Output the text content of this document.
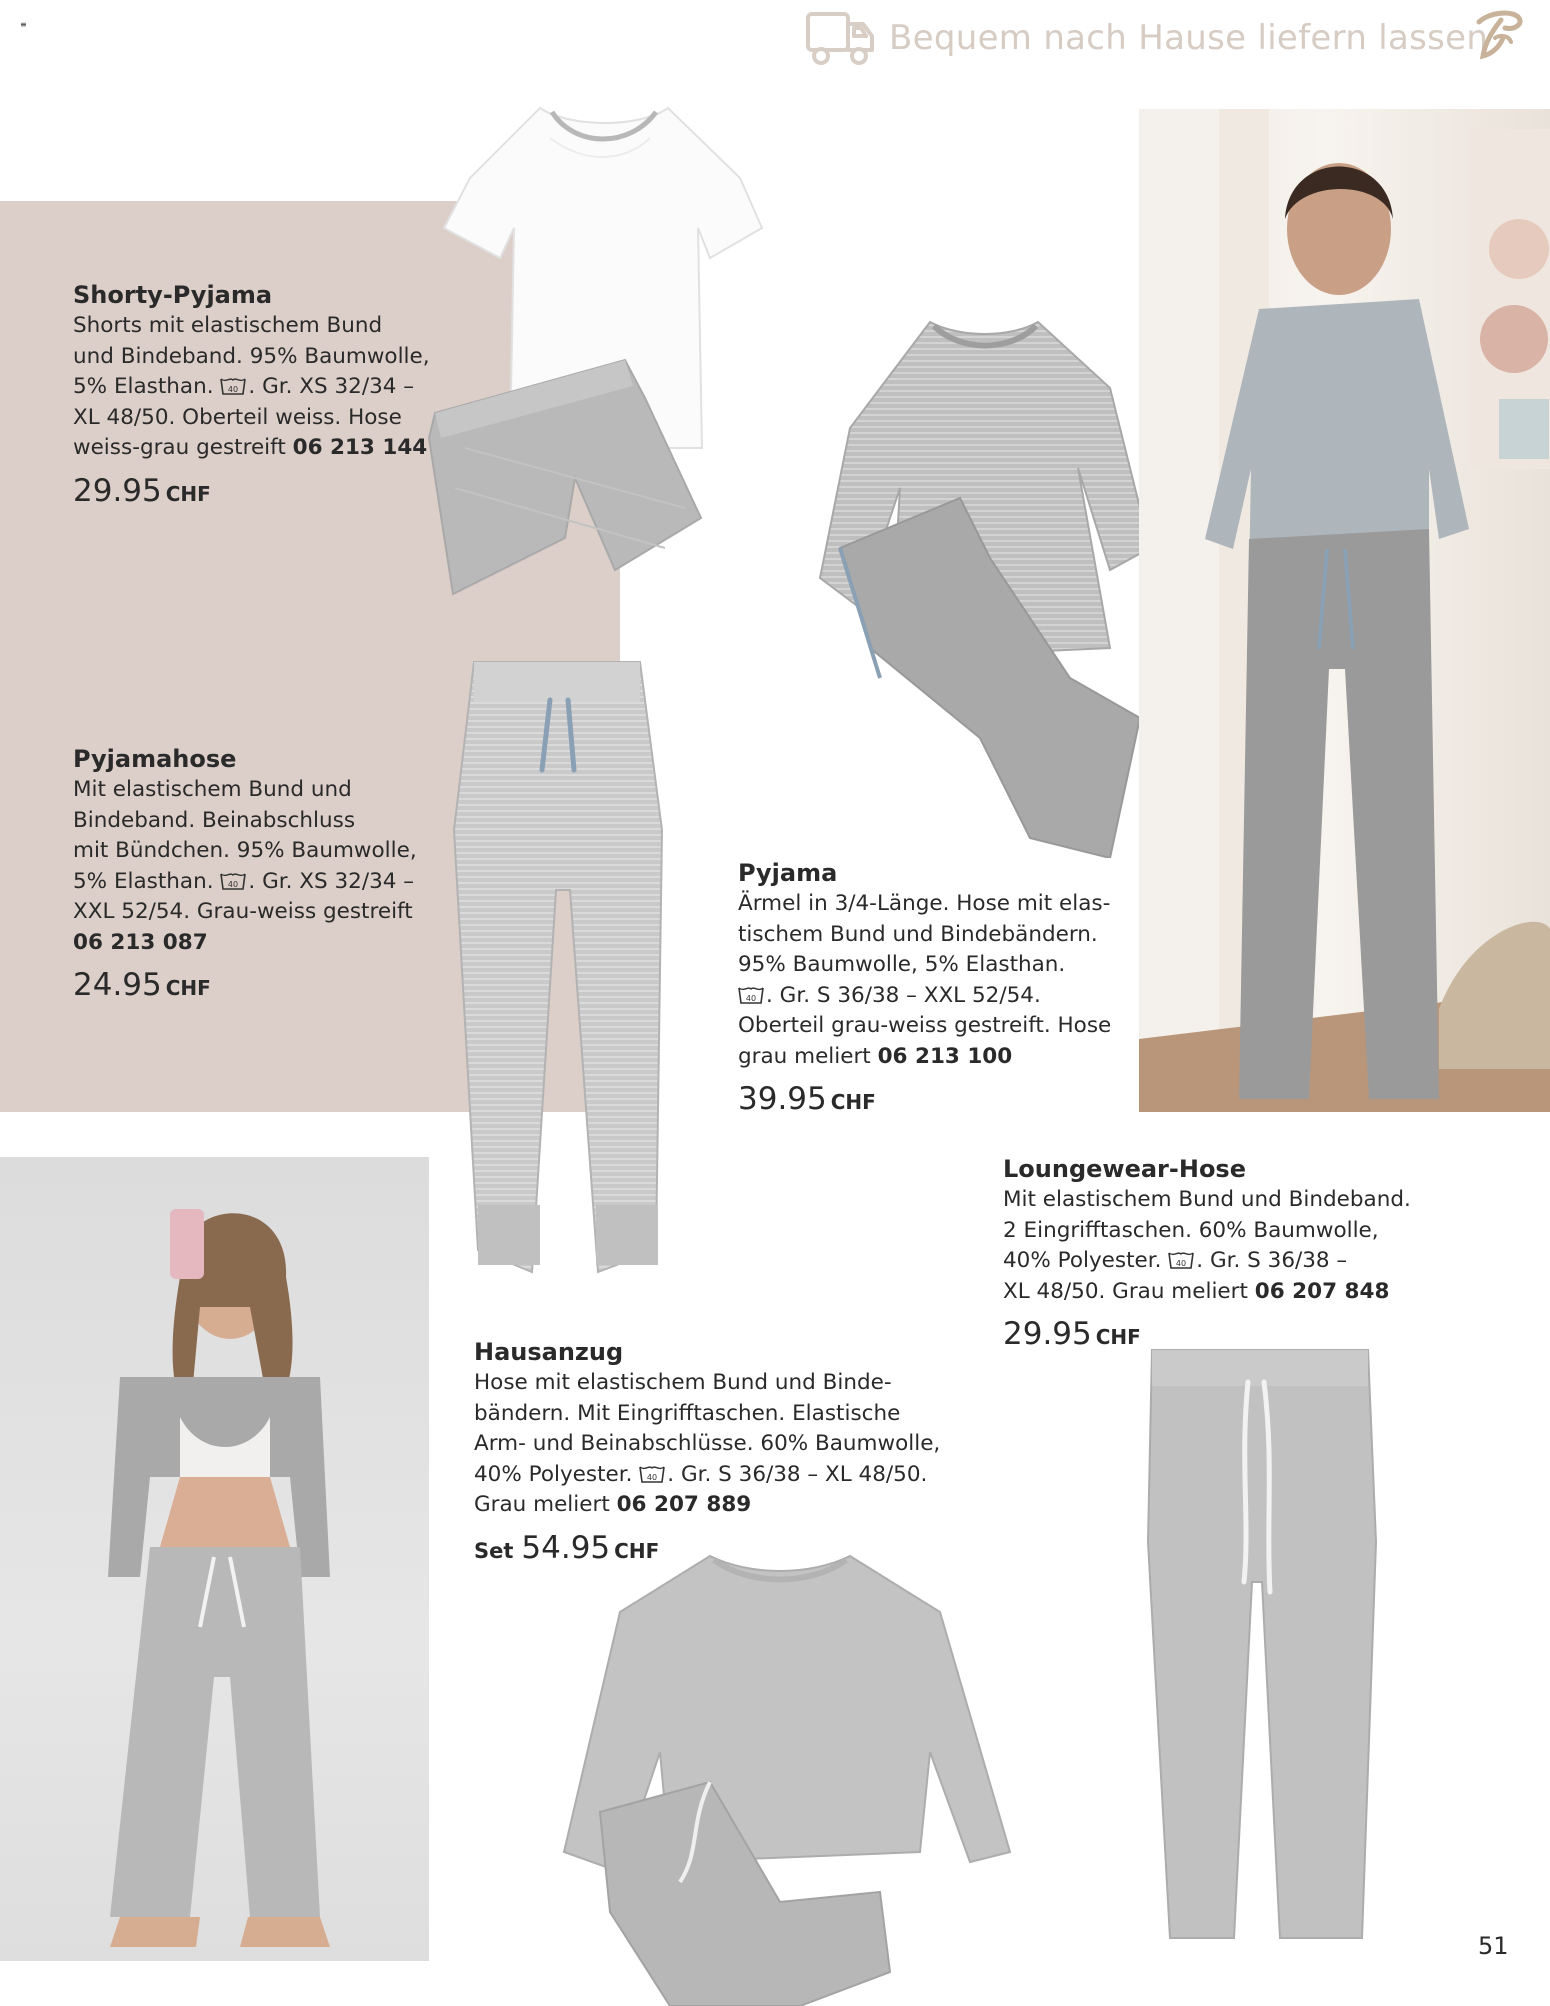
≡	Bequem nach Hause liefern lassen
Shorty-Pyjama
Shorts mit elastischem Bund
und Bindeband. 95% Baumwolle,
5% Elasthan. 40 . Gr. XS 32/34 –
XL 48/50. Oberteil weiss. Hose
weiss-grau gestreift 06 213 144
29.95 CHF
Pyjamahose
Mit elastischem Bund und
Bindeband. Beinabschluss
mit Bündchen. 95% Baumwolle,
5% Elasthan. 40 . Gr. XS 32/34 –
XXL 52/54. Grau-weiss gestreift
06 213 087
24.95 CHF
Pyjama
Ärmel in 3/4-Länge. Hose mit elas-
tischem Bund und Bindebändern.
95% Baumwolle, 5% Elasthan.

40 . Gr. S 36/38 – XXL 52/54.
Oberteil grau-weiss gestreift. Hose
grau meliert 06 213 100
39.95 CHF
Loungewear-Hose
Mit elastischem Bund und Bindeband.
2 Eingrifftaschen. 60% Baumwolle,
40% Polyester. 40 . Gr. S 36/38 –
XL 48/50. Grau meliert 06 207 848
29.95 CHF
Hausanzug
Hose mit elastischem Bund und Binde-
bändern. Mit Eingrifftaschen. Elastische
Arm- und Beinabschlüsse. 60% Baumwolle,
40% Polyester. 40 . Gr. S 36/38 – XL 48/50.
Grau meliert 06 207 889
Set 54.95 CHF
51
